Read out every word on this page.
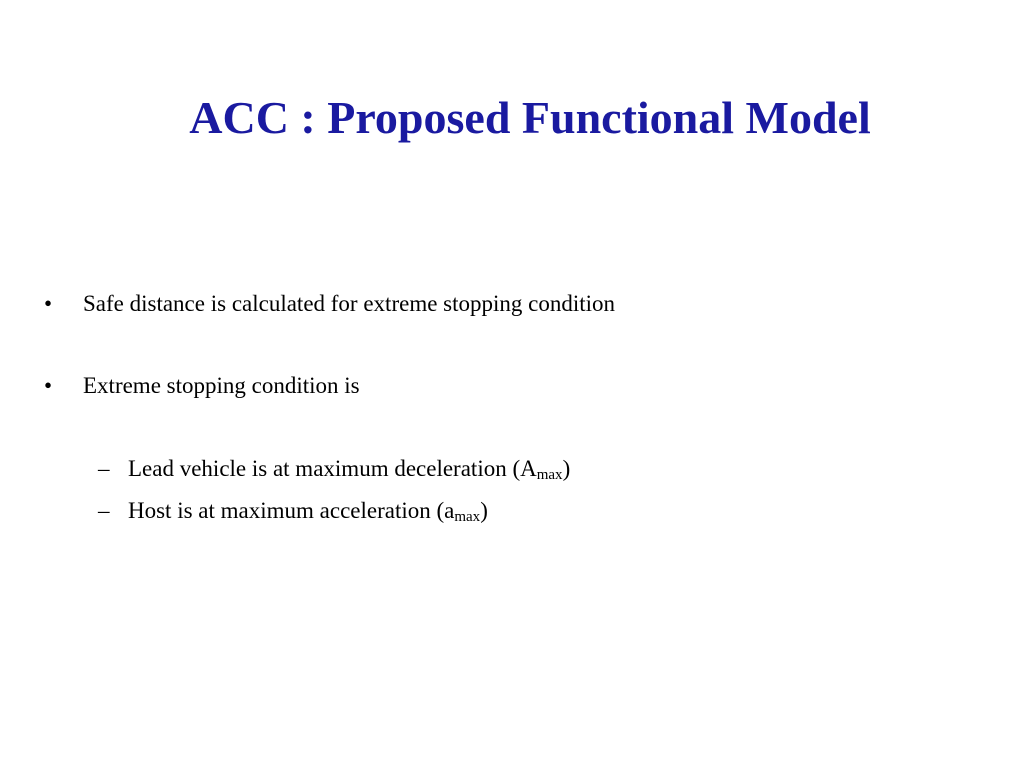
ACC : Proposed Functional Model
• Safe distance is calculated for extreme stopping condition
• Extreme stopping condition is
– Lead vehicle is at maximum deceleration $(A_{max})$
– Host is at maximum acceleration $(a_{max})$
